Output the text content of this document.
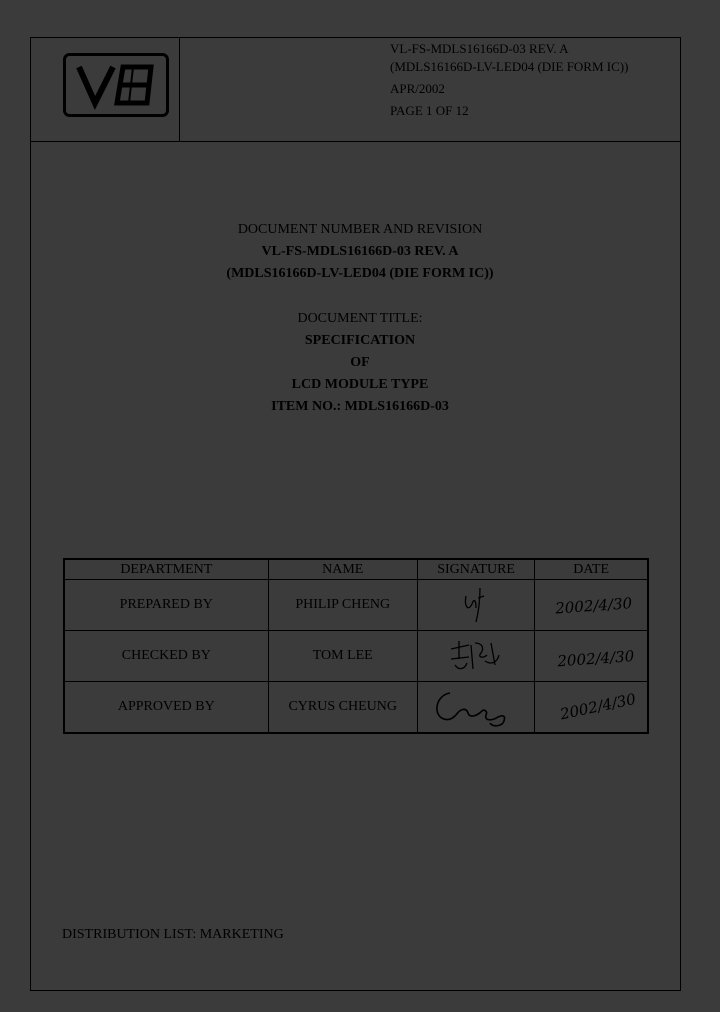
VL-FS-MDLS16166D-03 REV. A
(MDLS16166D-LV-LED04 (DIE FORM IC))
APR/2002
PAGE 1 OF 12
DOCUMENT NUMBER AND REVISION
VL-FS-MDLS16166D-03 REV. A
(MDLS16166D-LV-LED04 (DIE FORM IC))
DOCUMENT TITLE:
SPECIFICATION
OF
LCD MODULE TYPE
ITEM NO.: MDLS16166D-03
DEPARTMENT	NAME	SIGNATURE	DATE
PREPARED BY	PHILIP CHENG		2002/4/30

CHECKED BY	TOM LEE		2002/4/30

APPROVED BY	CYRUS CHEUNG		2002/4/30
DISTRIBUTION LIST: MARKETING
